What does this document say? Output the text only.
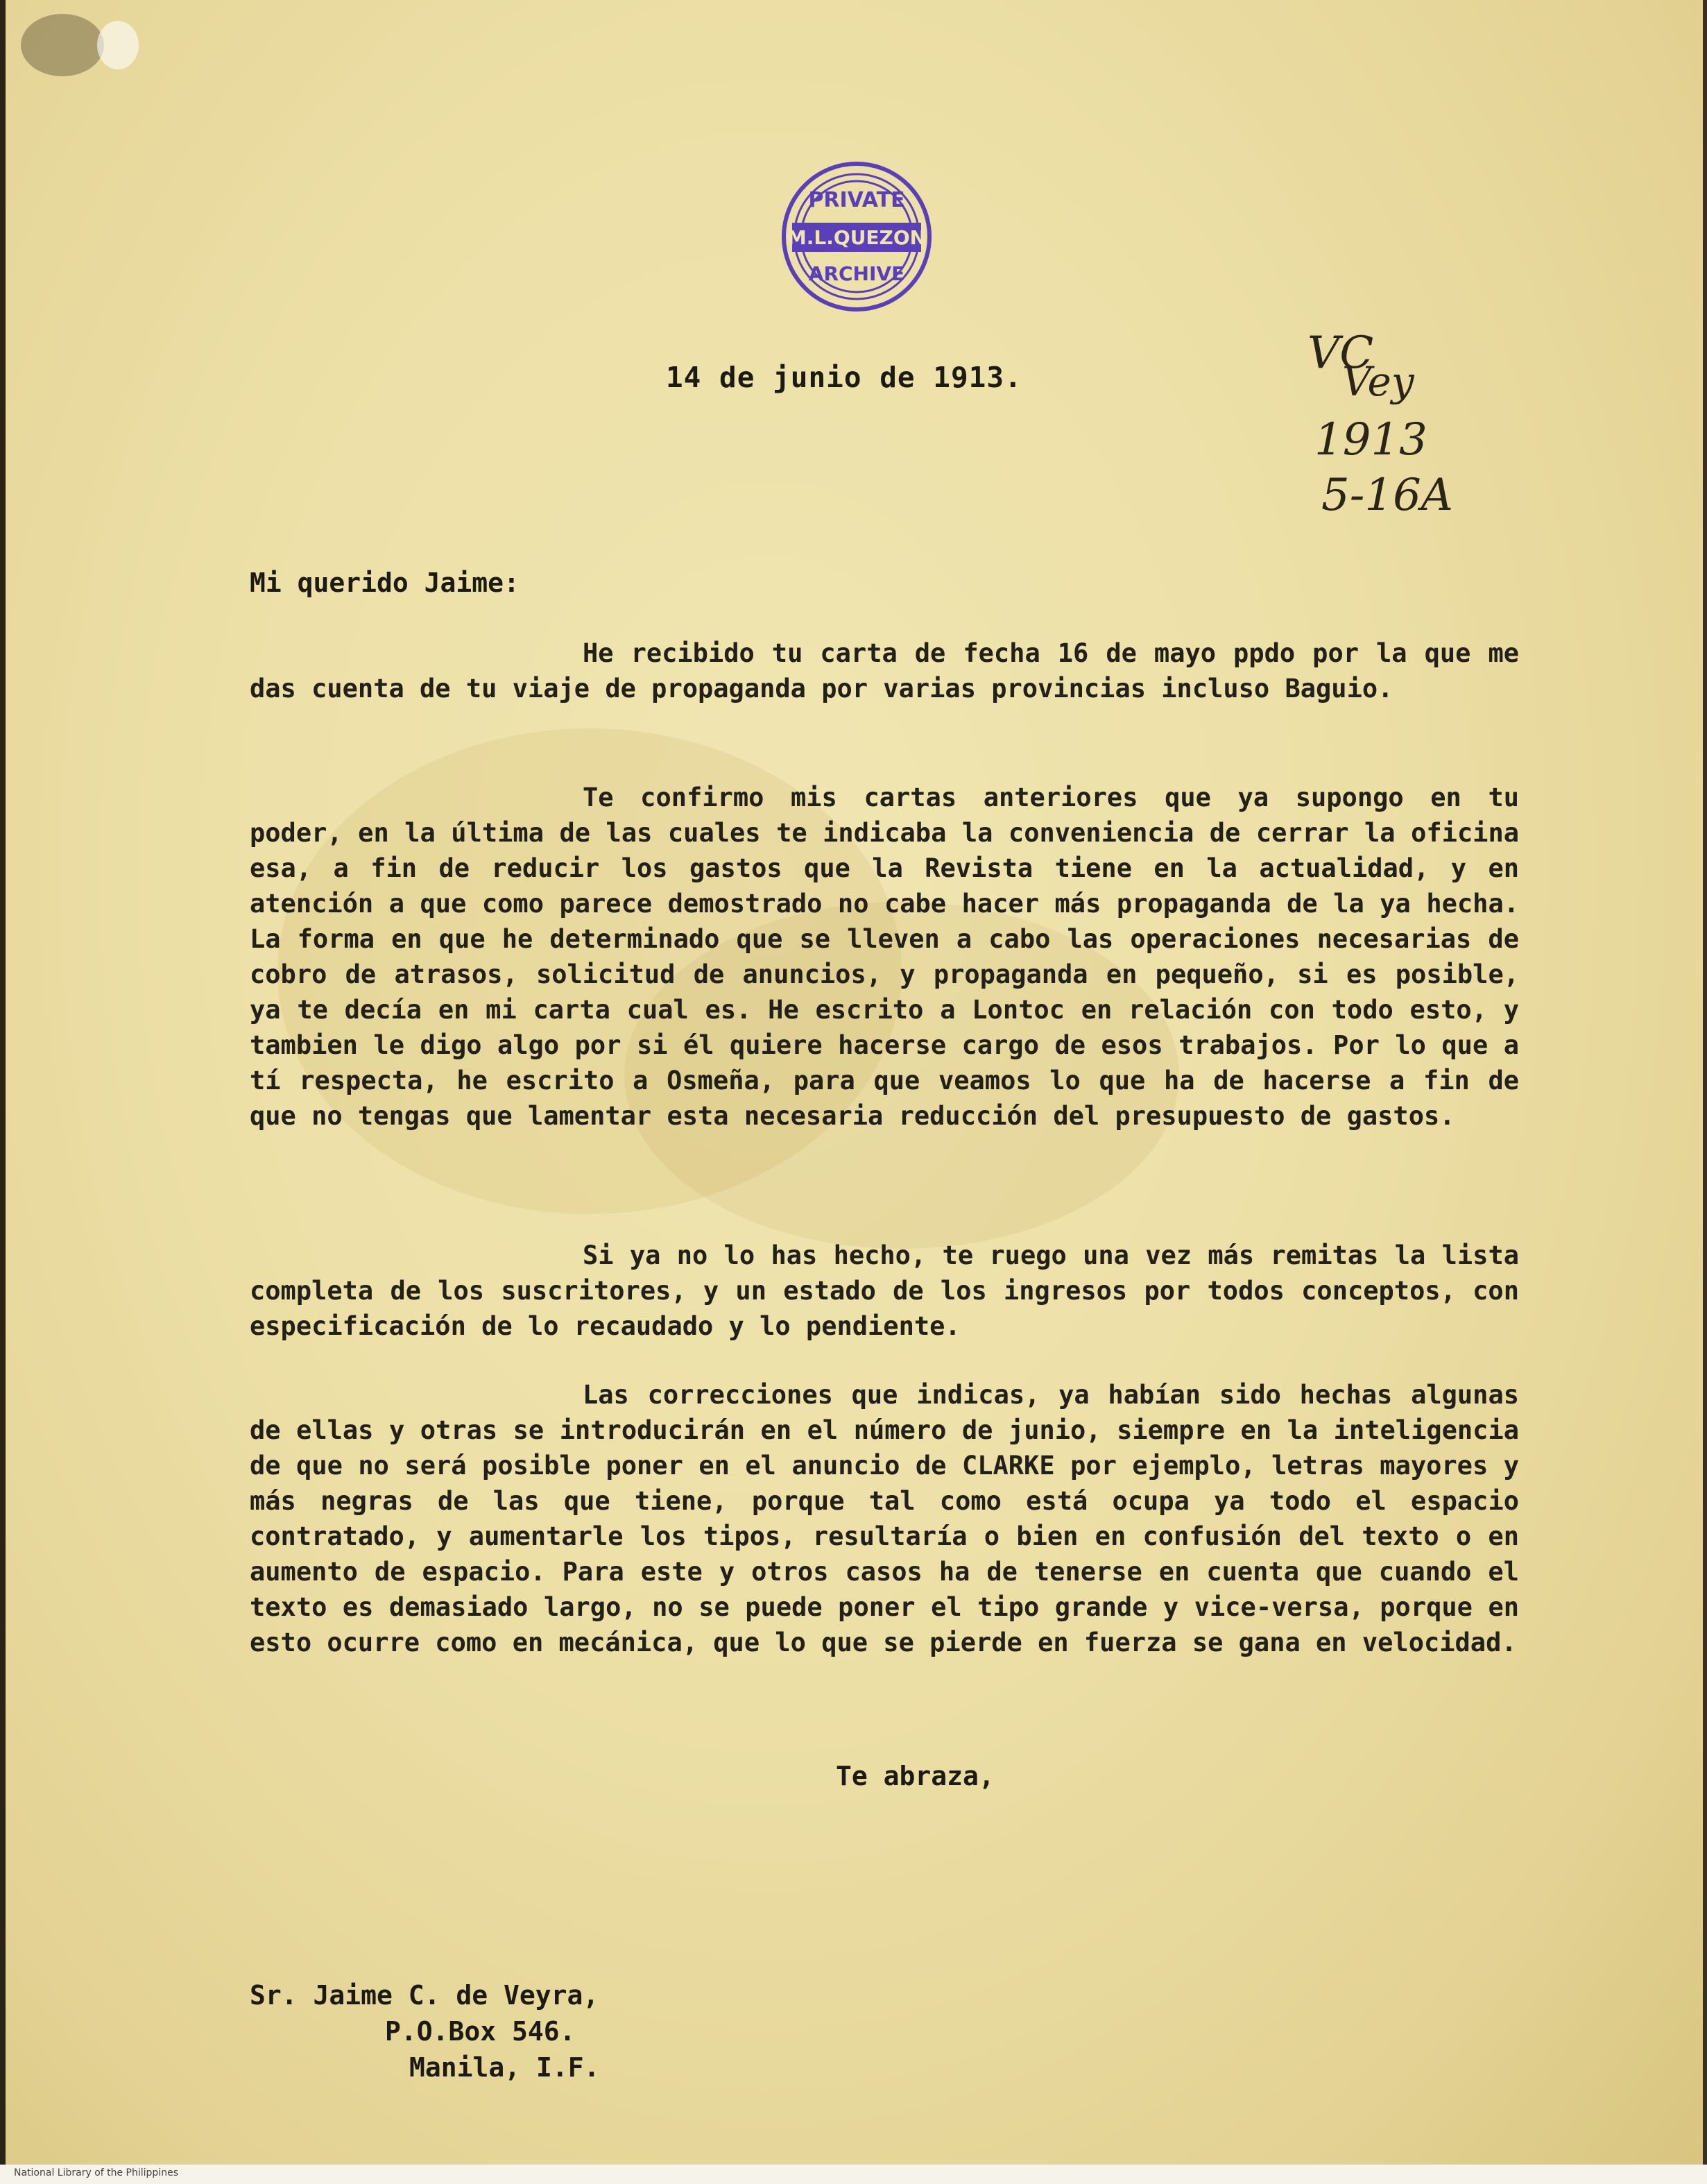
PRIVATE
M.L.QUEZON
ARCHIVE
VC
Vey
1913
5-16A
14 de junio de 1913.
Mi querido Jaime:
He recibido tu carta de fecha 16 de mayo ppdo por la que me das cuenta de tu viaje de propaganda por varias provincias incluso Baguio.
Te confirmo mis cartas anteriores que ya supongo en tu poder, en la última de las cuales te indicaba la conveniencia de cerrar la oficina esa, a fin de reducir los gastos que la Revista tiene en la actualidad, y en atención a que como parece demostrado no cabe hacer más propaganda de la ya hecha. La forma en que he determinado que se lleven a cabo las operaciones necesarias de cobro de atrasos, solicitud de anuncios, y propaganda en pequeño, si es posible, ya te decía en mi carta cual es. He escrito a Lontoc en relación con todo esto, y tambien le digo algo por si él quiere hacerse cargo de esos trabajos. Por lo que a tí respecta, he escrito a Osmeña, para que veamos lo que ha de hacerse a fin de que no tengas que lamentar esta necesaria reducción del presupuesto de gastos.
Si ya no lo has hecho, te ruego una vez más remitas la lista completa de los suscritores, y un estado de los ingresos por todos conceptos, con especificación de lo recaudado y lo pendiente.
Las correcciones que indicas, ya habían sido hechas algunas de ellas y otras se introducirán en el número de junio, siempre en la inteligencia de que no será posible poner en el anuncio de CLARKE por ejemplo, letras mayores y más negras de las que tiene, porque tal como está ocupa ya todo el espacio contratado, y aumentarle los tipos, resultaría o bien en confusión del texto o en aumento de espacio. Para este y otros casos ha de tenerse en cuenta que cuando el texto es demasiado largo, no se puede poner el tipo grande y vice-versa, porque en esto ocurre como en mecánica, que lo que se pierde en fuerza se gana en velocidad.
Te abraza,
Sr. Jaime C. de Veyra,
P.O.Box 546.
Manila, I.F.
National Library of the Philippines
